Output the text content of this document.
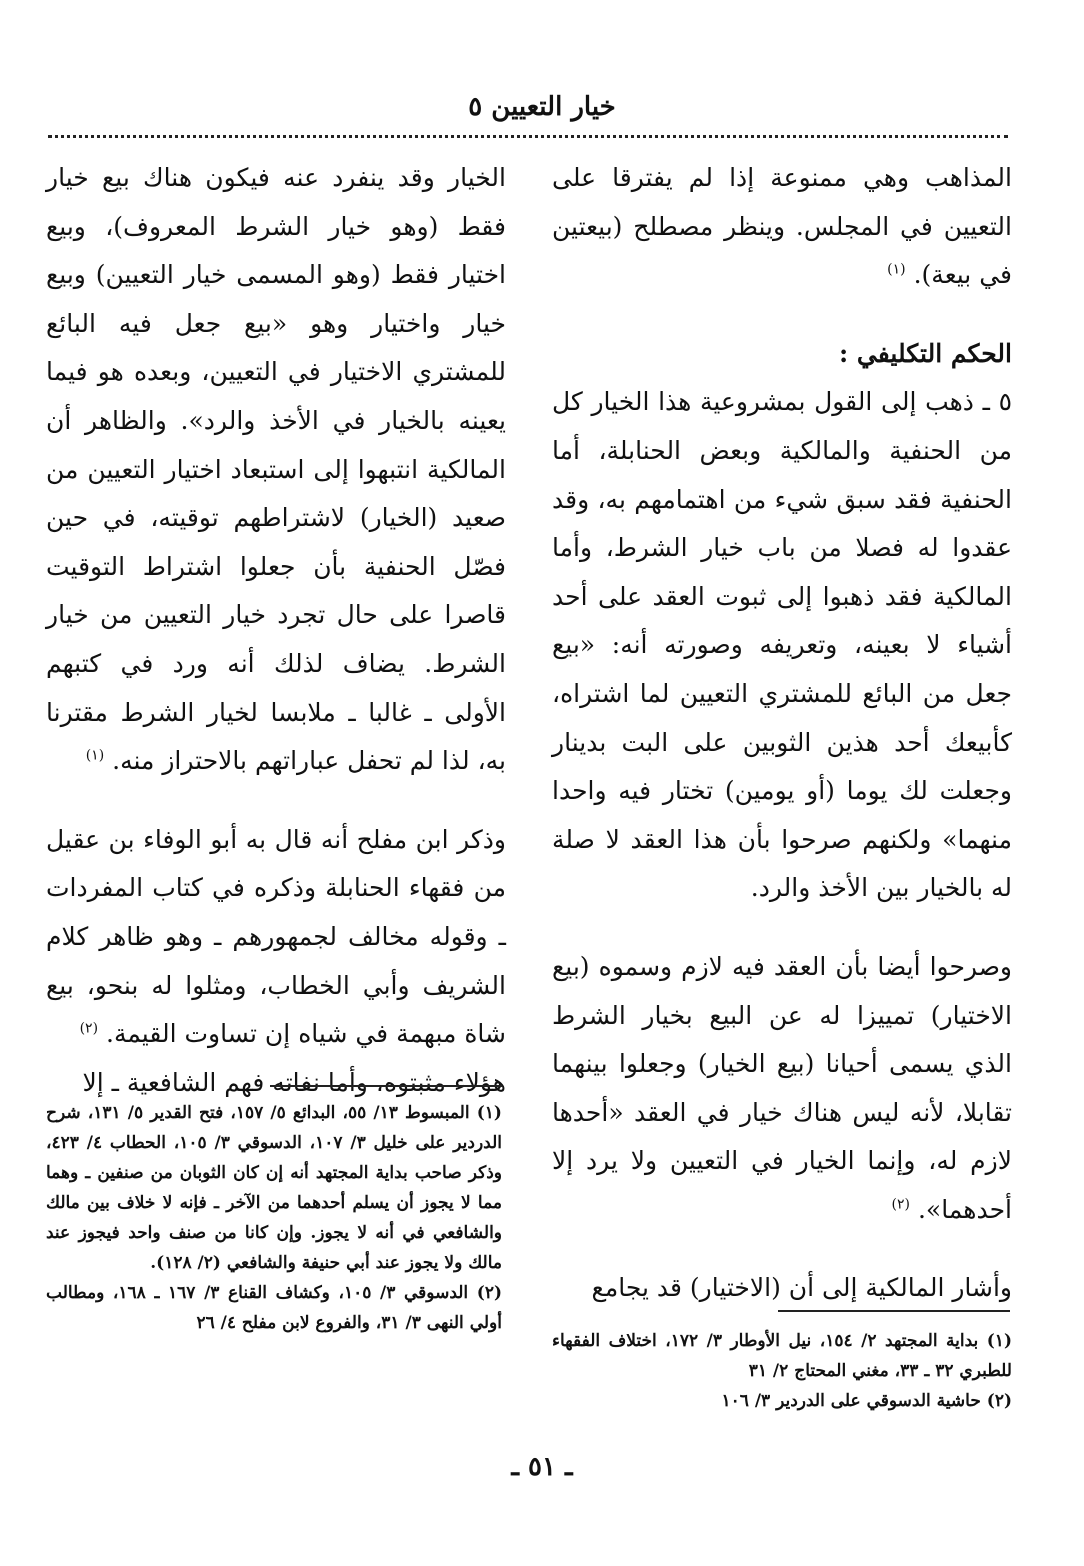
خيار التعيين ٥

المذاهب وهي ممنوعة إذا لم يفترقا على التعيين في المجلس. وينظر مصطلح (بيعتين في بيعة). $^{(١)}$

الحكم التكليفي :

٥ ـ ذهب إلى القول بمشروعية هذا الخيار كل من الحنفية والمالكية وبعض الحنابلة، أما الحنفية فقد سبق شيء من اهتمامهم به، وقد عقدوا له فصلا من باب خيار الشرط، وأما المالكية فقد ذهبوا إلى ثبوت العقد على أحد أشياء لا بعينه، وتعريفه وصورته أنه: «بيع جعل من البائع للمشتري التعيين لما اشتراه، كأبيعك أحد هذين الثوبين على البت بدينار وجعلت لك يوما (أو يومين) تختار فيه واحدا منهما» ولكنهم صرحوا بأن هذا العقد لا صلة له بالخيار بين الأخذ والرد.

وصرحوا أيضا بأن العقد فيه لازم وسموه (بيع الاختيار) تمييزا له عن البيع بخيار الشرط الذي يسمى أحيانا (بيع الخيار) وجعلوا بينهما تقابلا، لأنه ليس هناك خيار في العقد «أحدها لازم له، وإنما الخيار في التعيين ولا يرد إلا أحدهما». $^{(٢)}$

وأشار المالكية إلى أن (الاختيار) قد يجامع

الخيار وقد ينفرد عنه فيكون هناك بيع خيار فقط (وهو خيار الشرط المعروف)، وبيع اختيار فقط (وهو المسمى خيار التعيين) وبيع خيار واختيار وهو «بيع جعل فيه البائع للمشتري الاختيار في التعيين، وبعده هو فيما يعينه بالخيار في الأخذ والرد». والظاهر أن المالكية انتبهوا إلى استبعاد اختيار التعيين من صعيد (الخيار) لاشتراطهم توقيته، في حين فصّل الحنفية بأن جعلوا اشتراط التوقيت قاصرا على حال تجرد خيار التعيين من خيار الشرط. يضاف لذلك أنه ورد في كتبهم الأولى ـ غالبا ـ ملابسا لخيار الشرط مقترنا به، لذا لم تحفل عباراتهم بالاحتراز منه. $^{(١)}$

وذكر ابن مفلح أنه قال به أبو الوفاء بن عقيل من فقهاء الحنابلة وذكره في كتاب المفردات ـ وقوله مخالف لجمهورهم ـ وهو ظاهر كلام الشريف وأبي الخطاب، ومثلوا له بنحو، بيع شاة مبهمة في شياه إن تساوت القيمة. $^{(٢)}$

هؤلاء مثبتوه، وأما نفاته فهم الشافعية ـ إلا

(١) المبسوط ١٣/ ٥٥، البدائع ٥/ ١٥٧، فتح القدير ٥/ ١٣١، شرح الدردير على خليل ٣/ ١٠٧، الدسوقي ٣/ ١٠٥، الحطاب ٤/ ٤٢٣، وذكر صاحب بداية المجتهد أنه إن كان الثوبان من صنفين ـ وهما مما لا يجوز أن يسلم أحدهما من الآخر ـ فإنه لا خلاف بين مالك والشافعي في أنه لا يجوز. وإن كانا من صنف واحد فيجوز عند مالك ولا يجوز عند أبي حنيفة والشافعي (٢/ ١٢٨).

(٢) الدسوقي ٣/ ١٠٥، وكشاف القناع ٣/ ١٦٧ ـ ١٦٨، ومطالب أولي النهى ٣/ ٣١، والفروع لابن مفلح ٤/ ٢٦

(١) بداية المجتهد ٢/ ١٥٤، نيل الأوطار ٣/ ١٧٢، اختلاف الفقهاء للطبري ٣٢ ـ ٣٣، مغني المحتاج ٢/ ٣١

(٢) حاشية الدسوقي على الدردير ٣/ ١٠٦

ـ ٥١ ـ
